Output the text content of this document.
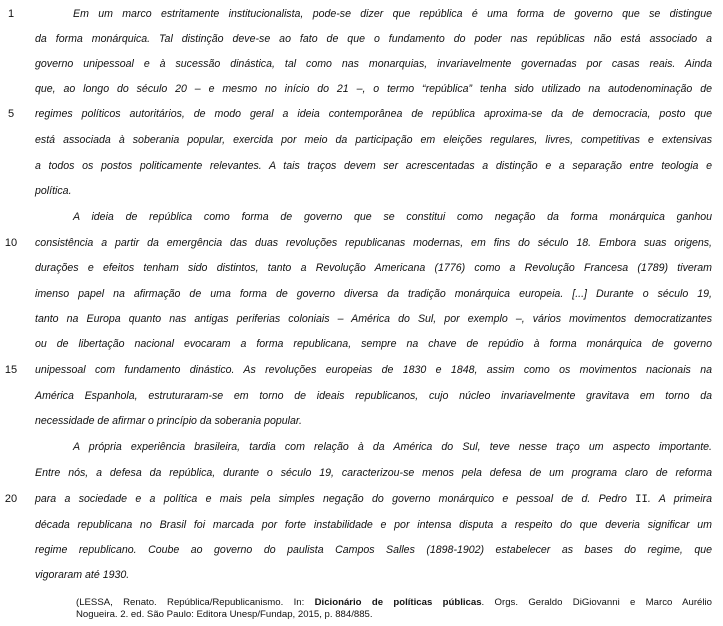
1
5
10
15
20
Em um marco estritamente institucionalista, pode-se dizer que república é uma forma de governo que se distingue
da forma monárquica. Tal distinção deve-se ao fato de que o fundamento do poder nas repúblicas não está associado a
governo unipessoal e à sucessão dinástica, tal como nas monarquias, invariavelmente governadas por casas reais. Ainda
que, ao longo do século 20 – e mesmo no início do 21 –, o termo “república” tenha sido utilizado na autodenominação de
regimes políticos autoritários, de modo geral a ideia contemporânea de república aproxima-se da de democracia, posto que
está associada à soberania popular, exercida por meio da participação em eleições regulares, livres, competitivas e extensivas
a todos os postos politicamente relevantes. A tais traços devem ser acrescentadas a distinção e a separação entre teologia e
política.
A ideia de república como forma de governo que se constitui como negação da forma monárquica ganhou
consistência a partir da emergência das duas revoluções republicanas modernas, em fins do século 18. Embora suas origens,
durações e efeitos tenham sido distintos, tanto a Revolução Americana (1776) como a Revolução Francesa (1789) tiveram
imenso papel na afirmação de uma forma de governo diversa da tradição monárquica europeia. [...] Durante o século 19,
tanto na Europa quanto nas antigas periferias coloniais – América do Sul, por exemplo –, vários movimentos democratizantes
ou de libertação nacional evocaram a forma republicana, sempre na chave de repúdio à forma monárquica de governo
unipessoal com fundamento dinástico. As revoluções europeias de 1830 e 1848, assim como os movimentos nacionais na
América Espanhola, estruturaram-se em torno de ideais republicanos, cujo núcleo invariavelmente gravitava em torno da
necessidade de afirmar o princípio da soberania popular.
A própria experiência brasileira, tardia com relação à da América do Sul, teve nesse traço um aspecto importante.
Entre nós, a defesa da república, durante o século 19, caracterizou-se menos pela defesa de um programa claro de reforma
para a sociedade e a política e mais pela simples negação do governo monárquico e pessoal de d. Pedro II. A primeira
década republicana no Brasil foi marcada por forte instabilidade e por intensa disputa a respeito do que deveria significar um
regime republicano. Coube ao governo do paulista Campos Salles (1898-1902) estabelecer as bases do regime, que
vigoraram até 1930.
(LESSA, Renato. República/Republicanismo. In: Dicionário de políticas públicas. Orgs. Geraldo DiGiovanni e Marco Aurélio
Nogueira. 2. ed. São Paulo: Editora Unesp/Fundap, 2015, p. 884/885.
